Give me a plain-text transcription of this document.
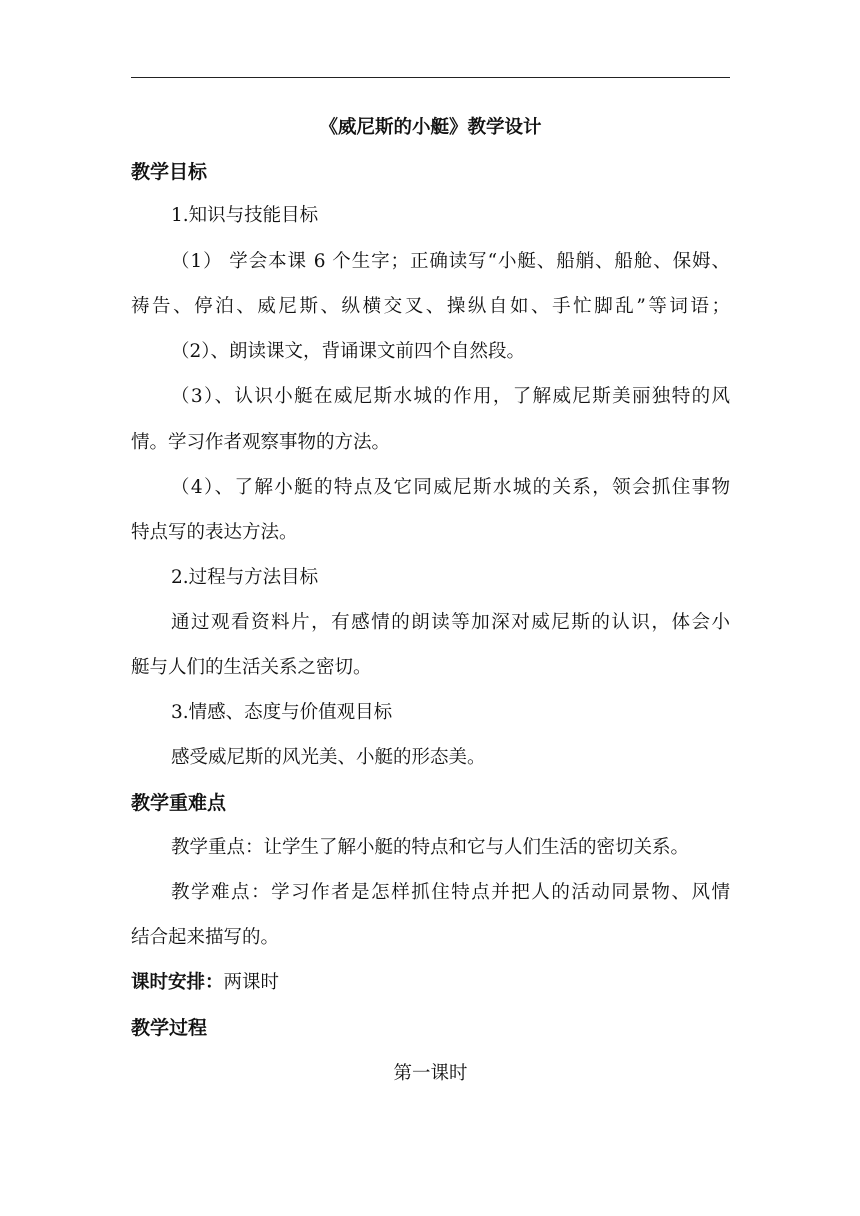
《威尼斯的小艇》教学设计
教学目标
1.知识与技能目标
（1） 学会本课 6 个生字；正确读写“小艇、船艄、船舱、保姆、
祷告、停泊、威尼斯、纵横交叉、操纵自如、手忙脚乱”等词语；
（2）、朗读课文，背诵课文前四个自然段。
（3）、认识小艇在威尼斯水城的作用，了解威尼斯美丽独特的风
情。学习作者观察事物的方法。
（4）、了解小艇的特点及它同威尼斯水城的关系，领会抓住事物
特点写的表达方法。
2.过程与方法目标
通过观看资料片，有感情的朗读等加深对威尼斯的认识，体会小
艇与人们的生活关系之密切。
3.情感、态度与价值观目标
感受威尼斯的风光美、小艇的形态美。
教学重难点
教学重点：让学生了解小艇的特点和它与人们生活的密切关系。
教学难点：学习作者是怎样抓住特点并把人的活动同景物、风情
结合起来描写的。
课时安排：两课时
教学过程
第一课时
